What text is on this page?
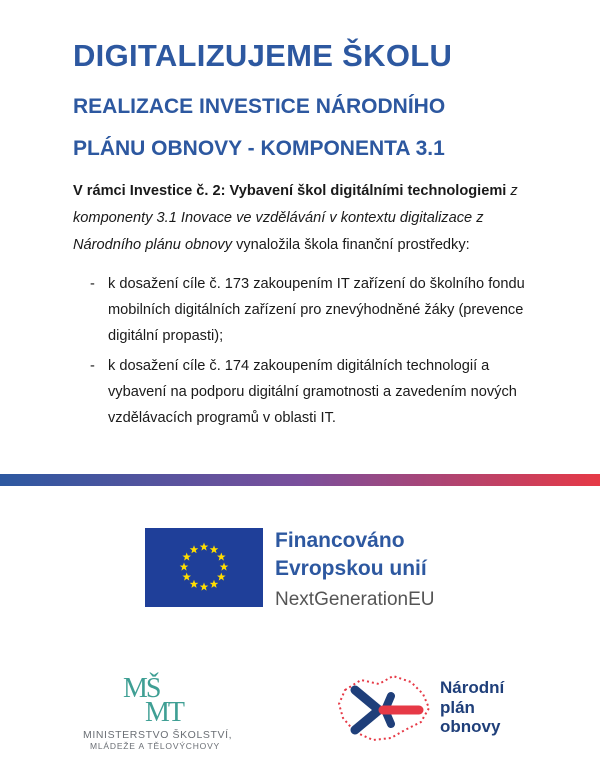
DIGITALIZUJEME ŠKOLU
REALIZACE INVESTICE NÁRODNÍHO
PLÁNU OBNOVY - KOMPONENTA 3.1

V rámci Investice č. 2: Vybavení škol digitálními technologiemi z komponenty 3.1 Inovace ve vzdělávání v kontextu digitalizace z Národního plánu obnovy vynaložila škola finanční prostředky:

- k dosažení cíle č. 173 zakoupením IT zařízení do školního fondu mobilních digitálních zařízení pro znevýhodněné žáky (prevence digitální propasti);
- k dosažení cíle č. 174 zakoupením digitálních technologií a vybavení na podporu digitální gramotnosti a zavedením nových vzdělávacích programů v oblasti IT.

Financováno

Evropskou unií

NextGenerationEU

MŠ
MT
MINISTERSTVO ŠKOLSTVÍ,
MLÁDEŽE A TĚLOVÝCHOVY
Národní
plán
obnovy
